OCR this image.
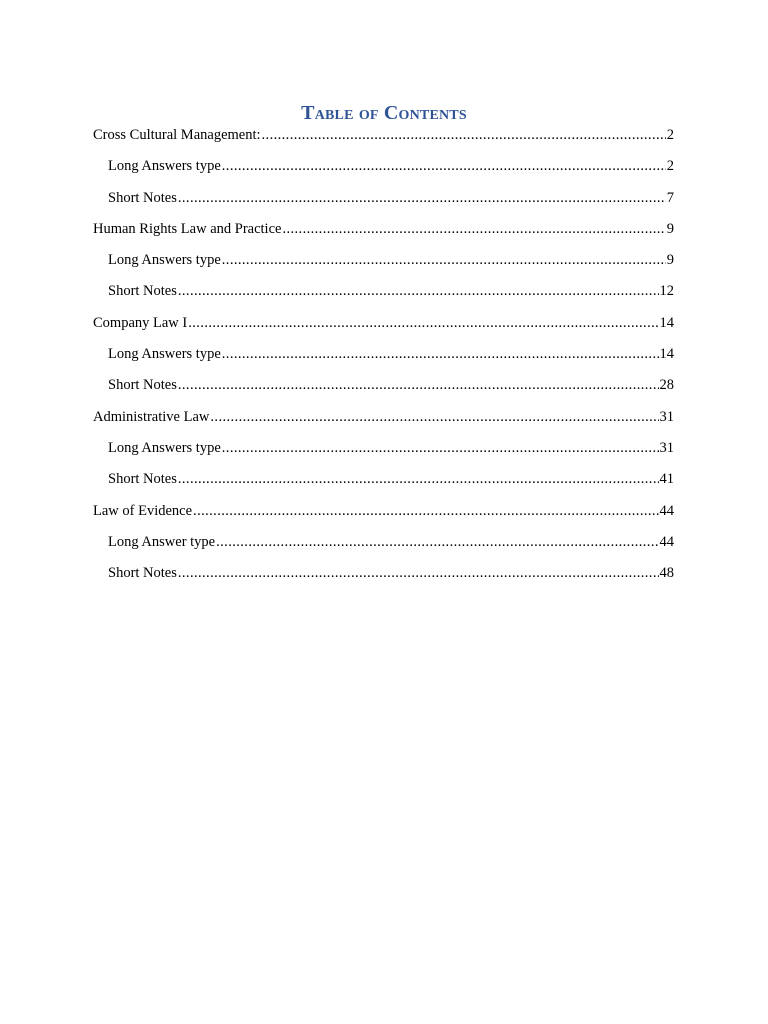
Table of Contents
Cross Cultural Management: .....	2
Long Answers type .....	2
Short Notes .....	7
Human Rights Law and Practice .....	9
Long Answers type .....	9
Short Notes .....	12
Company Law I .....	14
Long Answers type .....	14
Short Notes .....	28
Administrative Law .....	31
Long Answers type .....	31
Short Notes .....	41
Law of Evidence .....	44
Long Answer type .....	44
Short Notes .....	48
